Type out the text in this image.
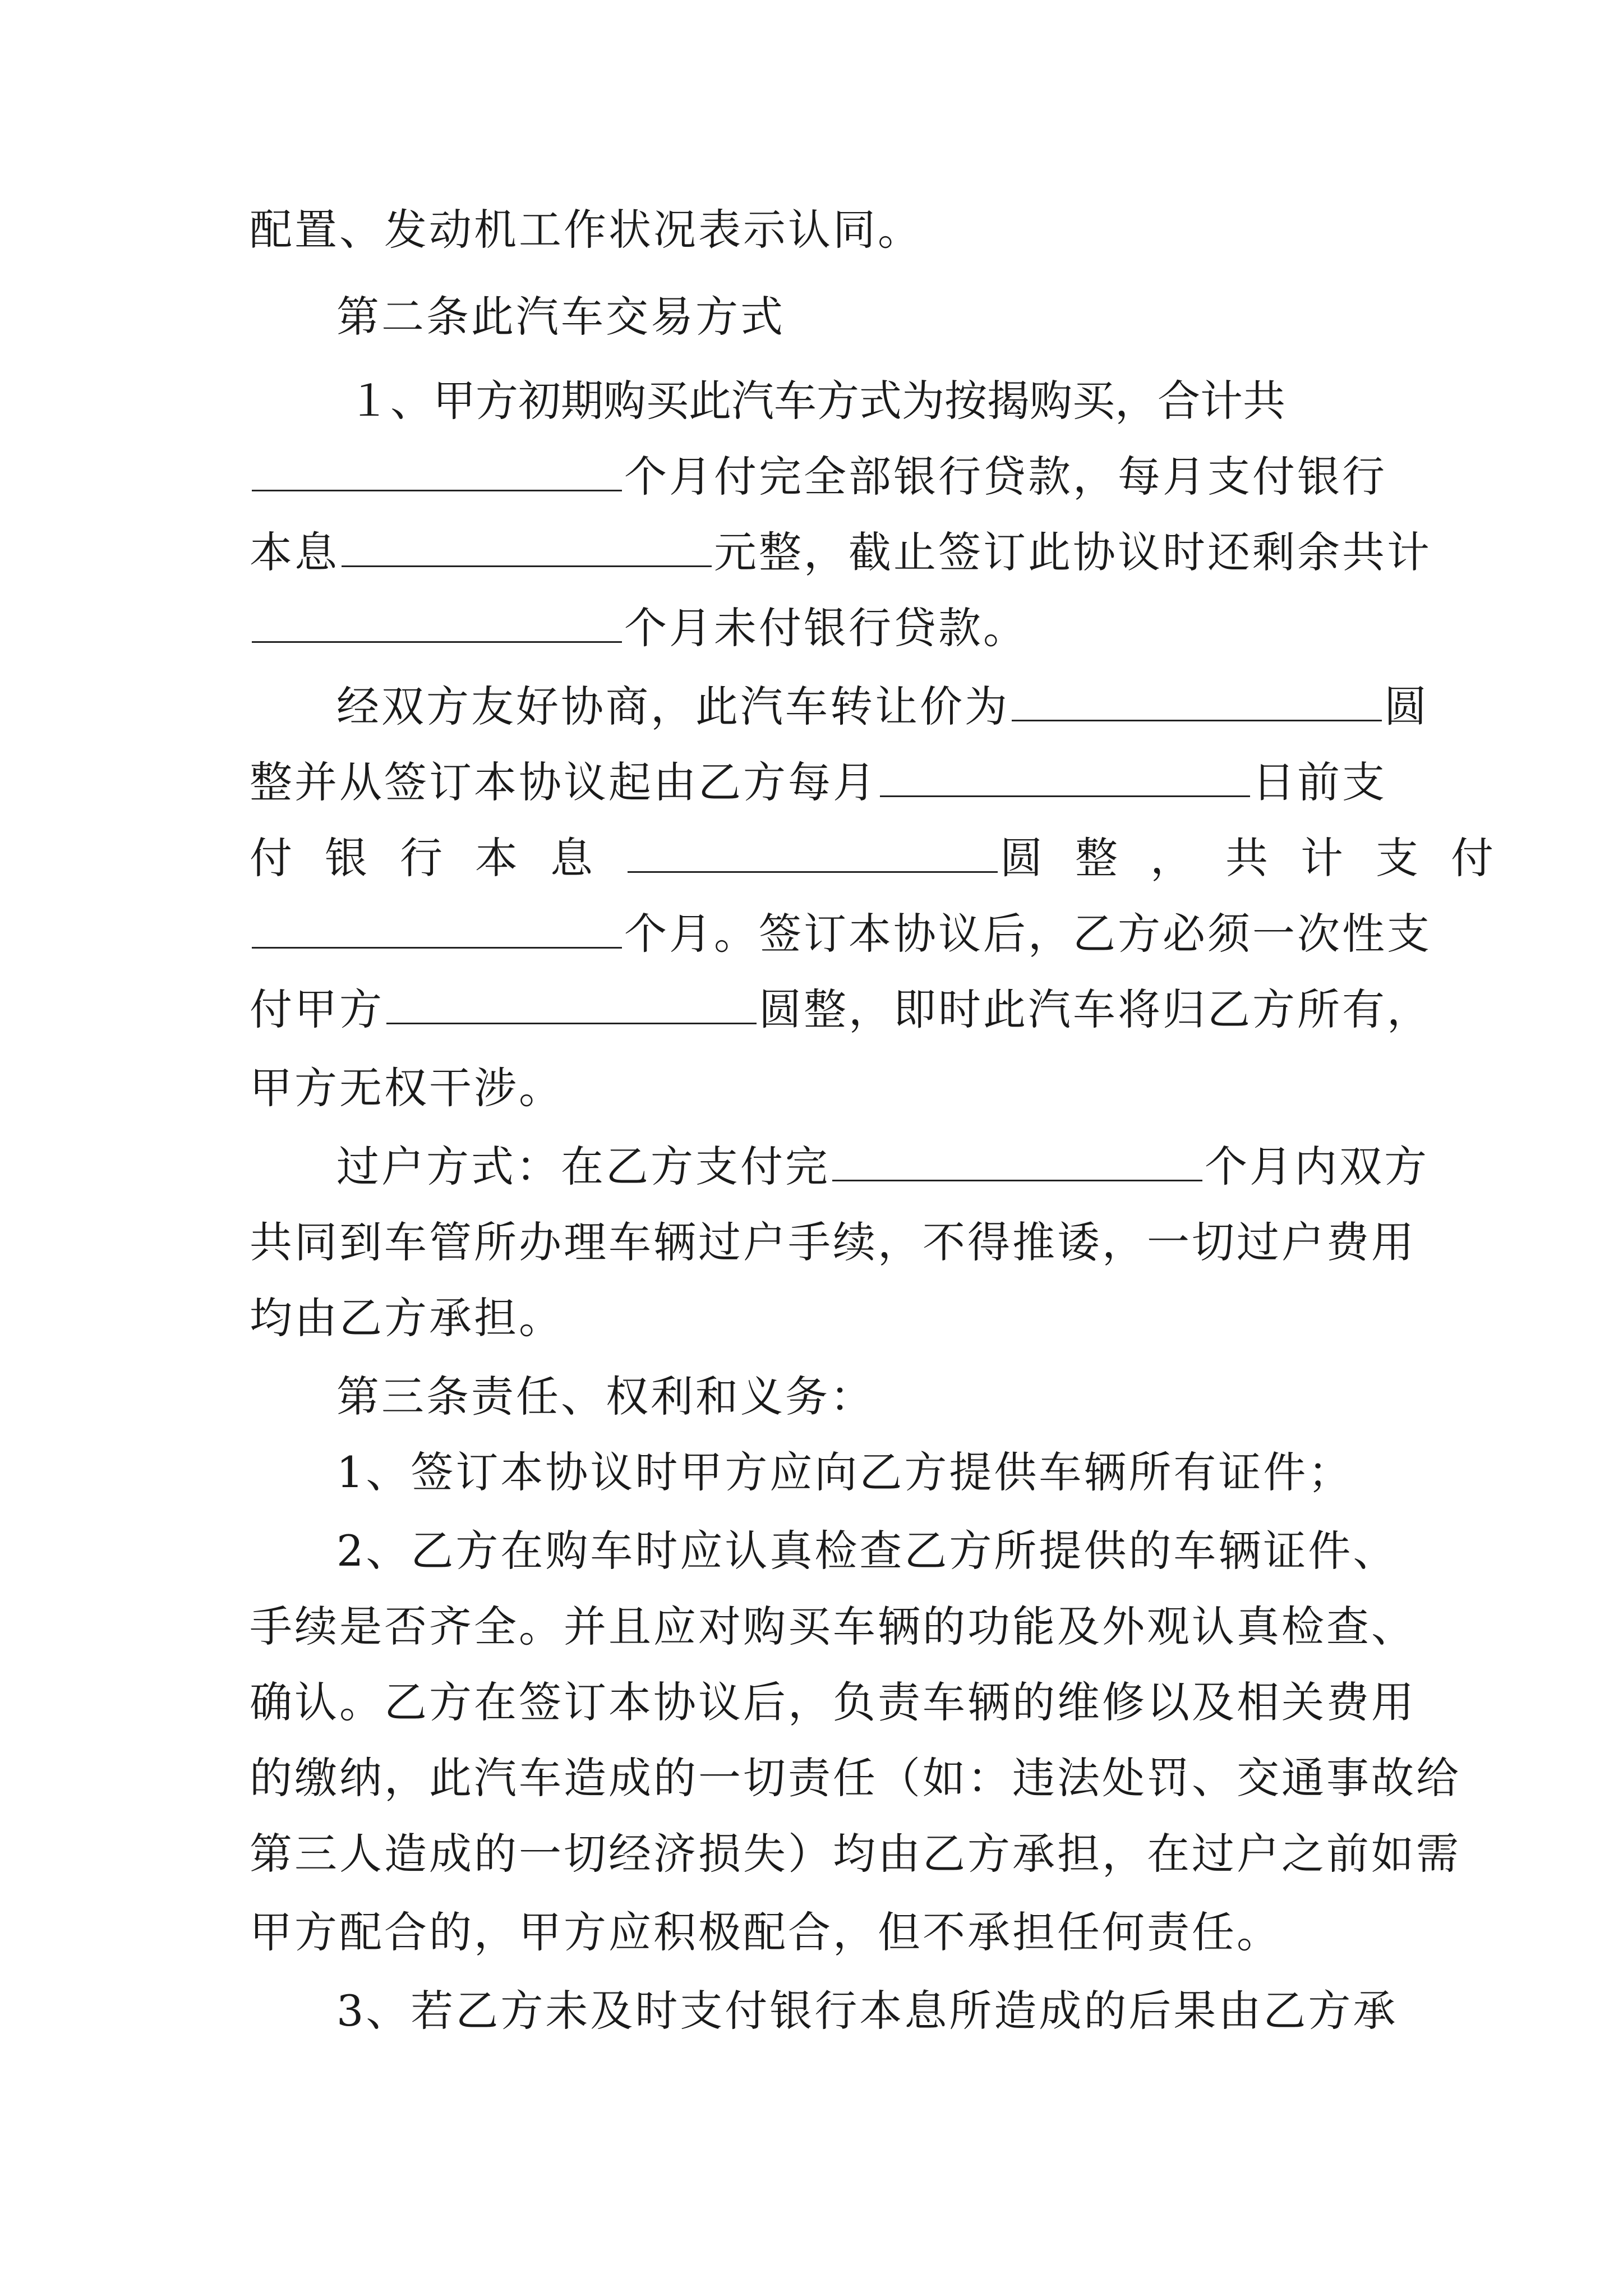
配置、发动机工作状况表示认同。
第二条此汽车交易方式
１、甲方初期购买此汽车方式为按揭购买，合计共
个月付完全部银行贷款，每月支付银行
本息	元整，截止签订此协议时还剩余共计
个月未付银行贷款。
经双方友好协商，此汽车转让价为	圆
整并从签订本协议起由乙方每月	日前支
付银行本息	圆整，共计支付
个月。签订本协议后，乙方必须一次性支
付甲方	圆整，即时此汽车将归乙方所有，
甲方无权干涉。
过户方式：在乙方支付完	个月内双方
共同到车管所办理车辆过户手续，不得推诿，一切过户费用
均由乙方承担。
第三条责任、权利和义务：
1、签订本协议时甲方应向乙方提供车辆所有证件；
2、乙方在购车时应认真检查乙方所提供的车辆证件、
手续是否齐全。并且应对购买车辆的功能及外观认真检查、
确认。乙方在签订本协议后，负责车辆的维修以及相关费用
的缴纳，此汽车造成的一切责任（如：违法处罚、交通事故给
第三人造成的一切经济损失）均由乙方承担，在过户之前如需
甲方配合的，甲方应积极配合，但不承担任何责任。
3、若乙方未及时支付银行本息所造成的后果由乙方承
